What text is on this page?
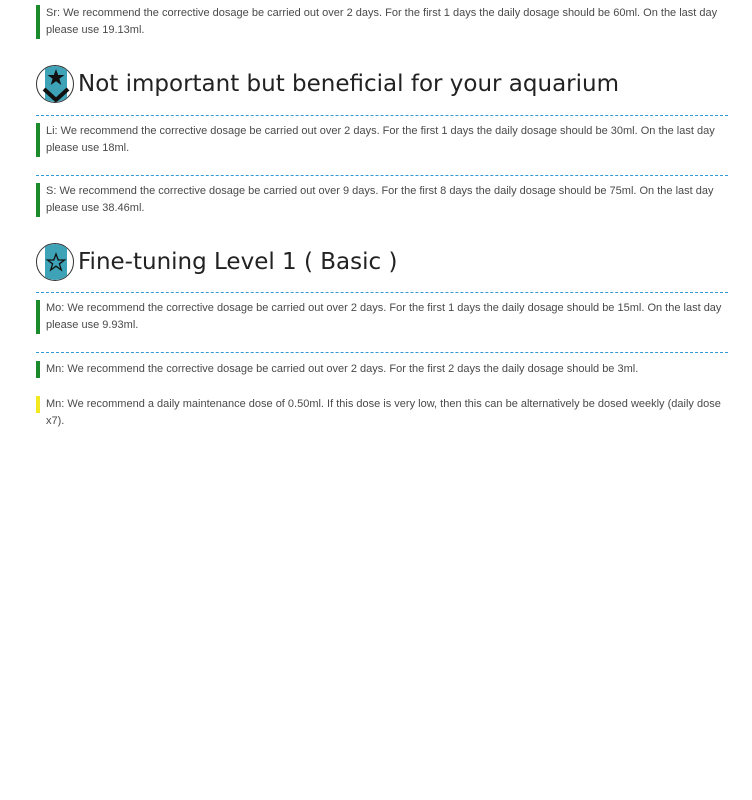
Sr: We recommend the corrective dosage be carried out over 2 days. For the first 1 days the daily dosage should be 60ml. On the last day please use 19.13ml.
Not important but beneficial for your aquarium
Li: We recommend the corrective dosage be carried out over 2 days. For the first 1 days the daily dosage should be 30ml. On the last day please use 18ml.
S: We recommend the corrective dosage be carried out over 9 days. For the first 8 days the daily dosage should be 75ml. On the last day please use 38.46ml.
Fine-tuning Level 1 ( Basic )
Mo: We recommend the corrective dosage be carried out over 2 days. For the first 1 days the daily dosage should be 15ml. On the last day please use 9.93ml.
Mn: We recommend the corrective dosage be carried out over 2 days. For the first 2 days the daily dosage should be 3ml.
Mn: We recommend a daily maintenance dose of 0.50ml. If this dose is very low, then this can be alternatively be dosed weekly (daily dose x7).
